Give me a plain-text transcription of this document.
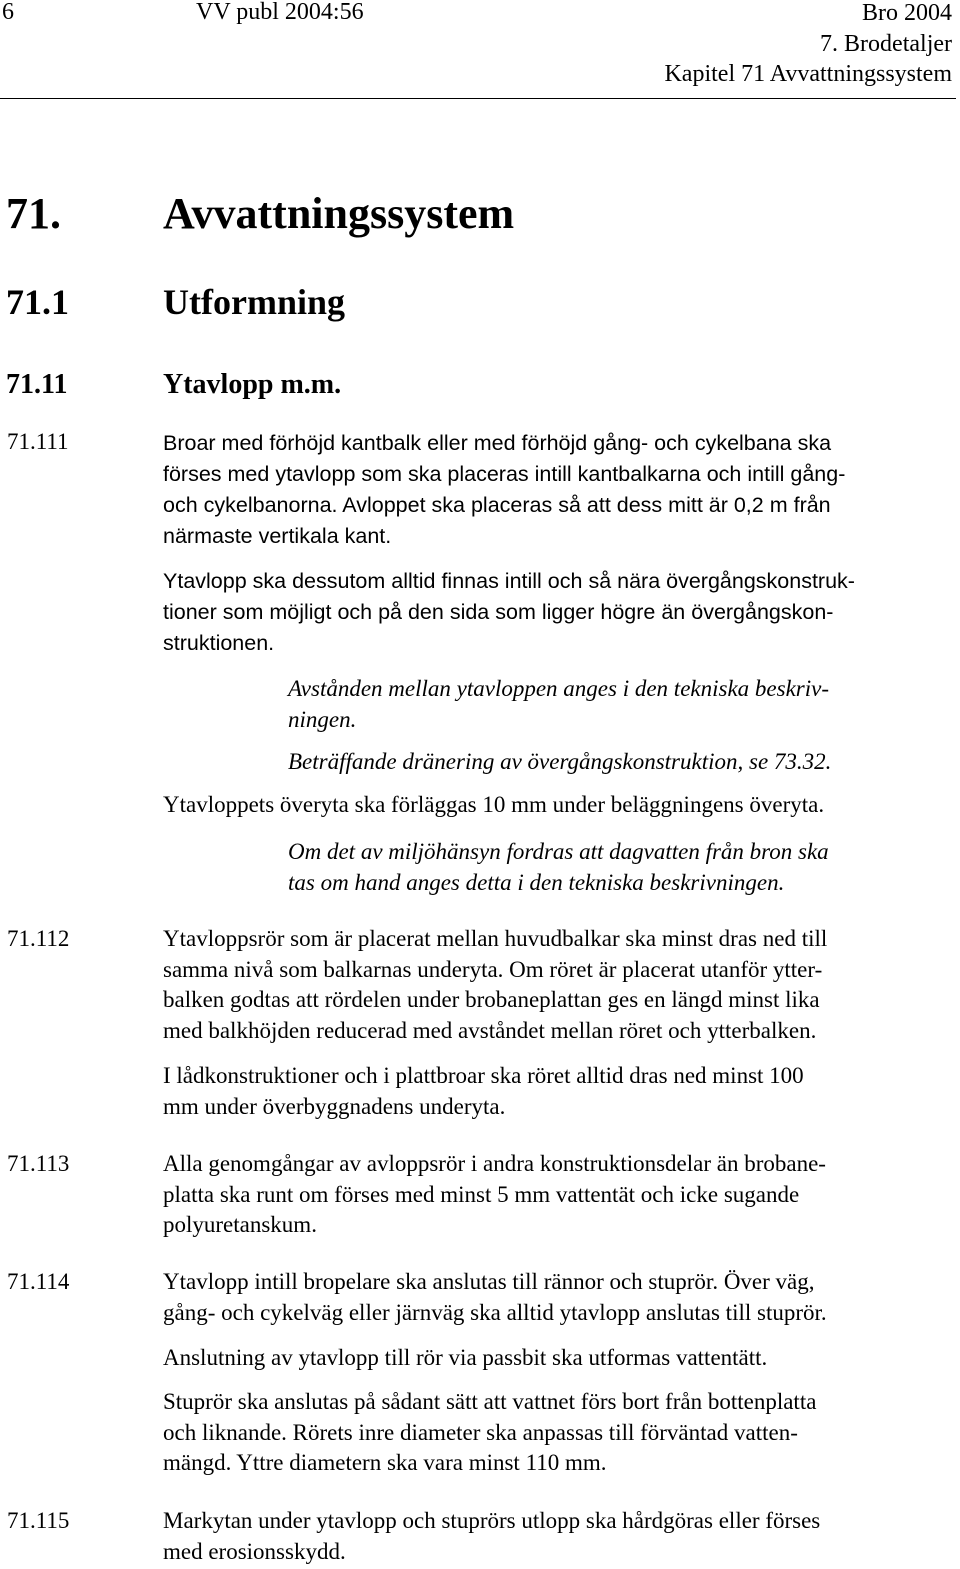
6	VV publ 2004:56	Bro 2004
7. Brodetaljer
Kapitel 71 Avvattningssystem
71. Avvattningssystem
71.1	Utformning
71.11	Ytavlopp m.m.
71.111	Broar med förhöjd kantbalk eller med förhöjd gång- och cykelbana ska
förses med ytavlopp som ska placeras intill kantbalkarna och intill gång-
och cykelbanorna. Avloppet ska placeras så att dess mitt är 0,2 m från
närmaste vertikala kant.
Ytavlopp ska dessutom alltid finnas intill och så nära övergångskonstruk-
tioner som möjligt och på den sida som ligger högre än övergångskon-
struktionen.
Avstånden mellan ytavloppen anges i den tekniska beskriv-
ningen.
Beträffande dränering av övergångskonstruktion, se 73.32.
Ytavloppets överyta ska förläggas 10 mm under beläggningens överyta.
Om det av miljöhänsyn fordras att dagvatten från bron ska
tas om hand anges detta i den tekniska beskrivningen.
71.112	Ytavloppsrör som är placerat mellan huvudbalkar ska minst dras ned till
samma nivå som balkarnas underyta. Om röret är placerat utanför ytter-
balken godtas att rördelen under brobaneplattan ges en längd minst lika
med balkhöjden reducerad med avståndet mellan röret och ytterbalken.
I lådkonstruktioner och i plattbroar ska röret alltid dras ned minst 100
mm under överbyggnadens underyta.
71.113	Alla genomgångar av avloppsrör i andra konstruktionsdelar än brobane-
platta ska runt om förses med minst 5 mm vattentät och icke sugande
polyuretanskum.
71.114	Ytavlopp intill bropelare ska anslutas till rännor och stuprör. Över väg,
gång- och cykelväg eller järnväg ska alltid ytavlopp anslutas till stuprör.
Anslutning av ytavlopp till rör via passbit ska utformas vattentätt.
Stuprör ska anslutas på sådant sätt att vattnet förs bort från bottenplatta
och liknande. Rörets inre diameter ska anpassas till förväntad vatten-
mängd. Yttre diametern ska vara minst 110 mm.
71.115	Markytan under ytavlopp och stuprörs utlopp ska hårdgöras eller förses
med erosionsskydd.
